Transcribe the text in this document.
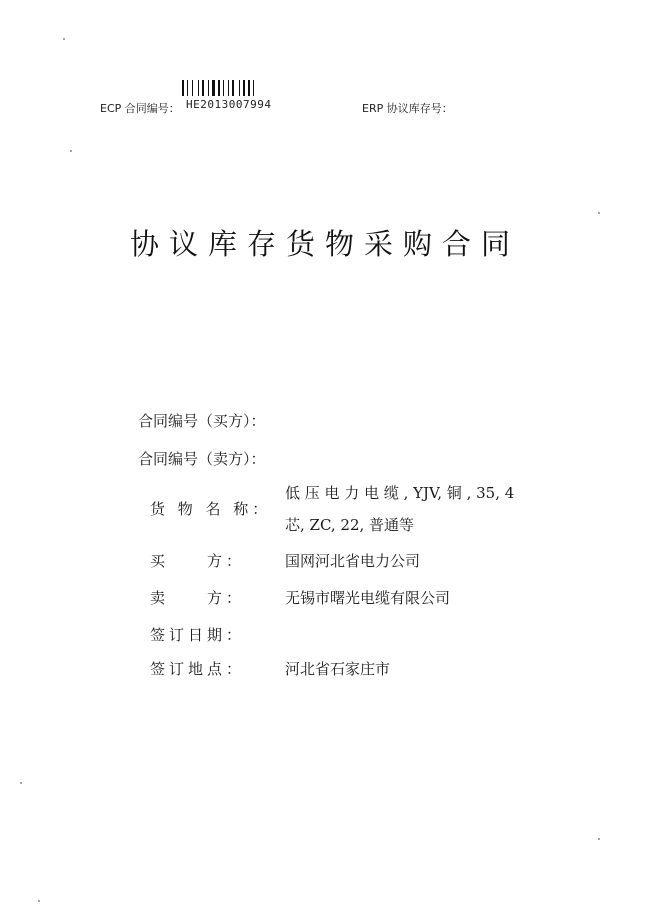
ECP 合同编号： HE2013007994	ERP 协议库存号：
协议库存货物采购合同
合同编号（买方）：
合同编号（卖方）：
货 物 名 称：
低 压 电 力 电 缆 , YJV, 铜 , 35, 4
芯, ZC, 22, 普通等
买　　方：	国网河北省电力公司
卖　　方：	无锡市曙光电缆有限公司
签订日期：
签订地点：	河北省石家庄市
